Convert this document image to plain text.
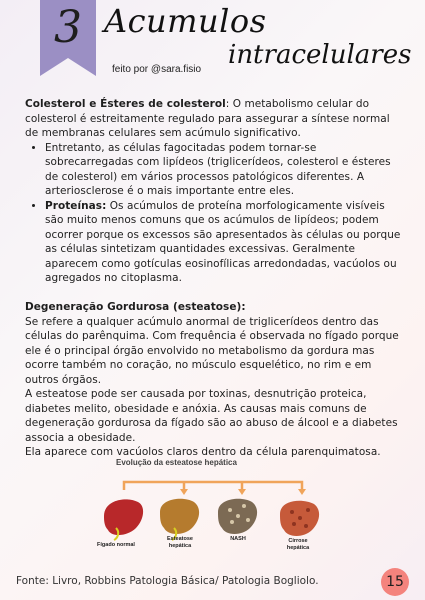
3 Acumulos
intracelulares
feito por @sara.fisio

Colesterol e Ésteres de colesterol: O metabolismo celular do colesterol é estreitamente regulado para assegurar a síntese normal de membranas celulares sem acúmulo significativo.

• Entretanto, as células fagocitadas podem tornar-se sobrecarregadas com lipídeos (triglicerídeos, colesterol e ésteres de colesterol) em vários processos patológicos diferentes. A arteriosclerose é o mais importante entre eles.
• Proteínas: Os acúmulos de proteína morfologicamente visíveis são muito menos comuns que os acúmulos de lipídeos; podem ocorrer porque os excessos são apresentados às células ou porque as células sintetizam quantidades excessivas. Geralmente aparecem como gotículas eosinofílicas arredondadas, vacúolos ou agregados no citoplasma.

Degeneração Gordurosa (esteatose):

Se refere a qualquer acúmulo anormal de triglicerídeos dentro das células do parênquima. Com frequência é observada no fígado porque ele é o principal órgão envolvido no metabolismo da gordura mas ocorre também no coração, no músculo esquelético, no rim e em outros órgãos.

A esteatose pode ser causada por toxinas, desnutrição proteica, diabetes melito, obesidade e anóxia. As causas mais comuns de degeneração gordurosa da fígado são ao abuso de álcool e a diabetes associa a obesidade.

Ela aparece com vacúolos claros dentro da célula parenquimatosa.

Evolução da esteatose hepática
Fígado normal
Esteatose hepática
NASH	Cirrose hepática
Fonte: Livro, Robbins Patologia Básica/ Patologia Bogliolo.	15
